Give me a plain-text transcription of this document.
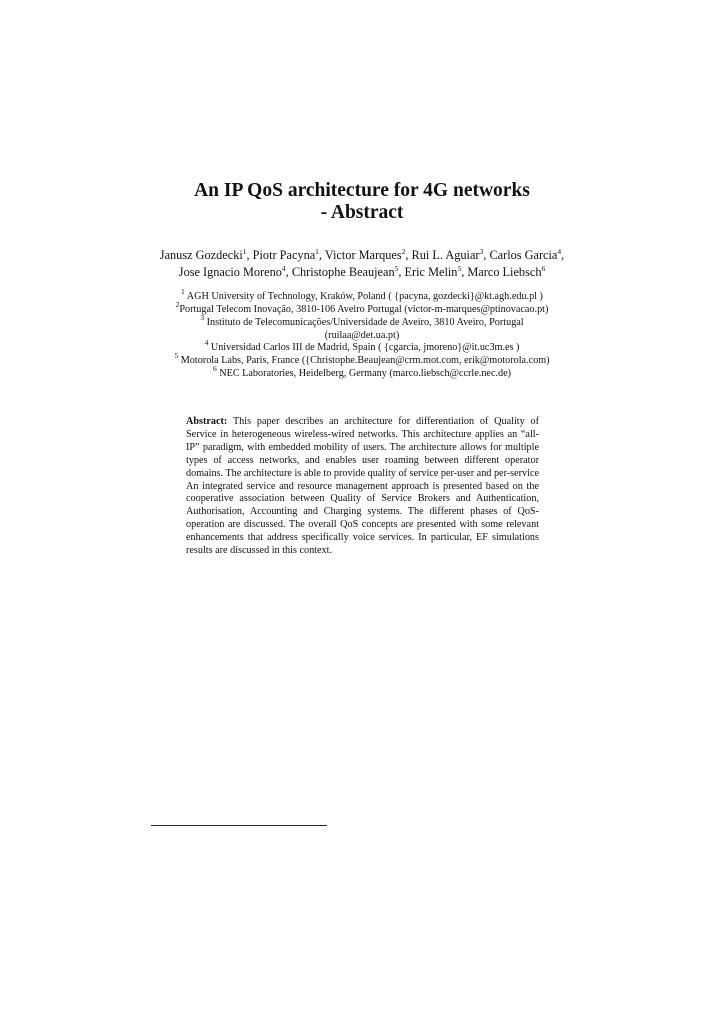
An IP QoS architecture for 4G networks
- Abstract
Janusz Gozdecki$^1$, Piotr Pacyna$^1$, Victor Marques$^2$, Rui L. Aguiar$^3$, Carlos Garcia$^4$,
Jose Ignacio Moreno$^4$, Christophe Beaujean$^5$, Eric Melin$^5$, Marco Liebsch$^6$
$^1$ AGH University of Technology, Kraków, Poland ( {pacyna, gozdecki}@kt.agh.edu.pl )
$^2$Portugal Telecom Inovação, 3810-106 Aveiro Portugal (victor-m-marques@ptinovacao.pt)
$^3$ Instituto de Telecomunicações/Universidade de Aveiro, 3810 Aveiro, Portugal
(ruilaa@det.ua.pt)
$^4$ Universidad Carlos III de Madrid, Spain ( {cgarcia, jmoreno}@it.uc3m.es )
$^5$ Motorola Labs, Paris, France ({Christophe.Beaujean@crm.mot.com, erik@motorola.com)
$^6$ NEC Laboratories, Heidelberg, Germany (marco.liebsch@ccrle.nec.de)

Abstract: This paper describes an architecture for differentiation of Quality of Service in heterogeneous wireless-wired networks. This architecture applies an “all-IP” paradigm, with embedded mobility of users. The architecture allows for multiple types of access networks, and enables user roaming between different operator domains. The architecture is able to provide quality of service per-user and per-service An integrated service and resource management approach is presented based on the cooperative association between Quality of Service Brokers and Authentication, Authorisation, Accounting and Charging systems. The different phases of QoS-operation are discussed. The overall QoS concepts are presented with some relevant enhancements that address specifically voice services. In particular, EF simulations results are discussed in this context.
